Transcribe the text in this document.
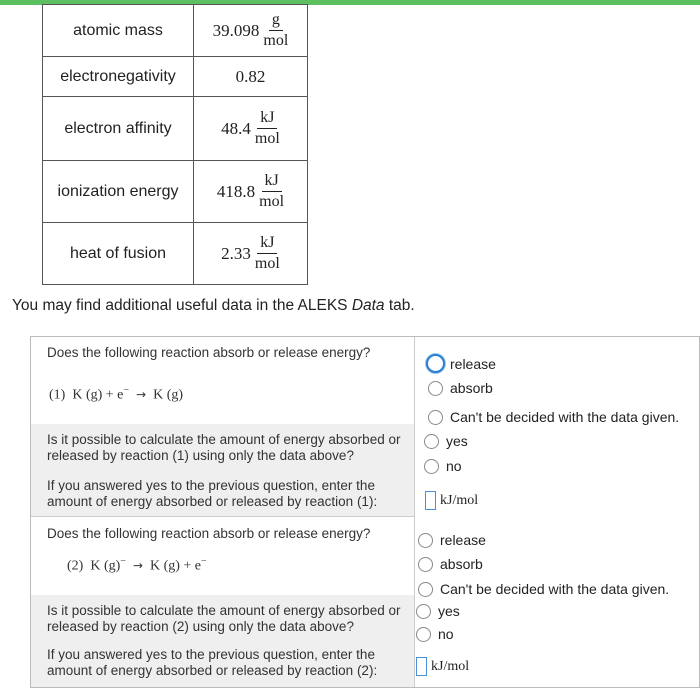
atomic mass	$39.098 \frac{g}{\text{mol}}$

electronegativity	0.82

electron affinity	$48.4 \frac{kJ}{\text{mol}}$

ionization energy	$418.8 \frac{kJ}{\text{mol}}$

heat of fusion	$2.33 \frac{kJ}{\text{mol}}$
You may find additional useful data in the ALEKS Data tab.
Does the following reaction absorb or release energy?
(1) K (g) + e− → K (g)
release
absorb
Can't be decided with the data given.
Is it possible to calculate the amount of energy absorbed or released by reaction (1) using only the data above?
yes
no
If you answered yes to the previous question, enter the amount of energy absorbed or released by reaction (1):	kJ/mol
Does the following reaction absorb or release energy?
(2) K (g)− → K (g) + e−
release
absorb
Can't be decided with the data given.
Is it possible to calculate the amount of energy absorbed or released by reaction (2) using only the data above?
yes
no
If you answered yes to the previous question, enter the amount of energy absorbed or released by reaction (2):	kJ/mol
